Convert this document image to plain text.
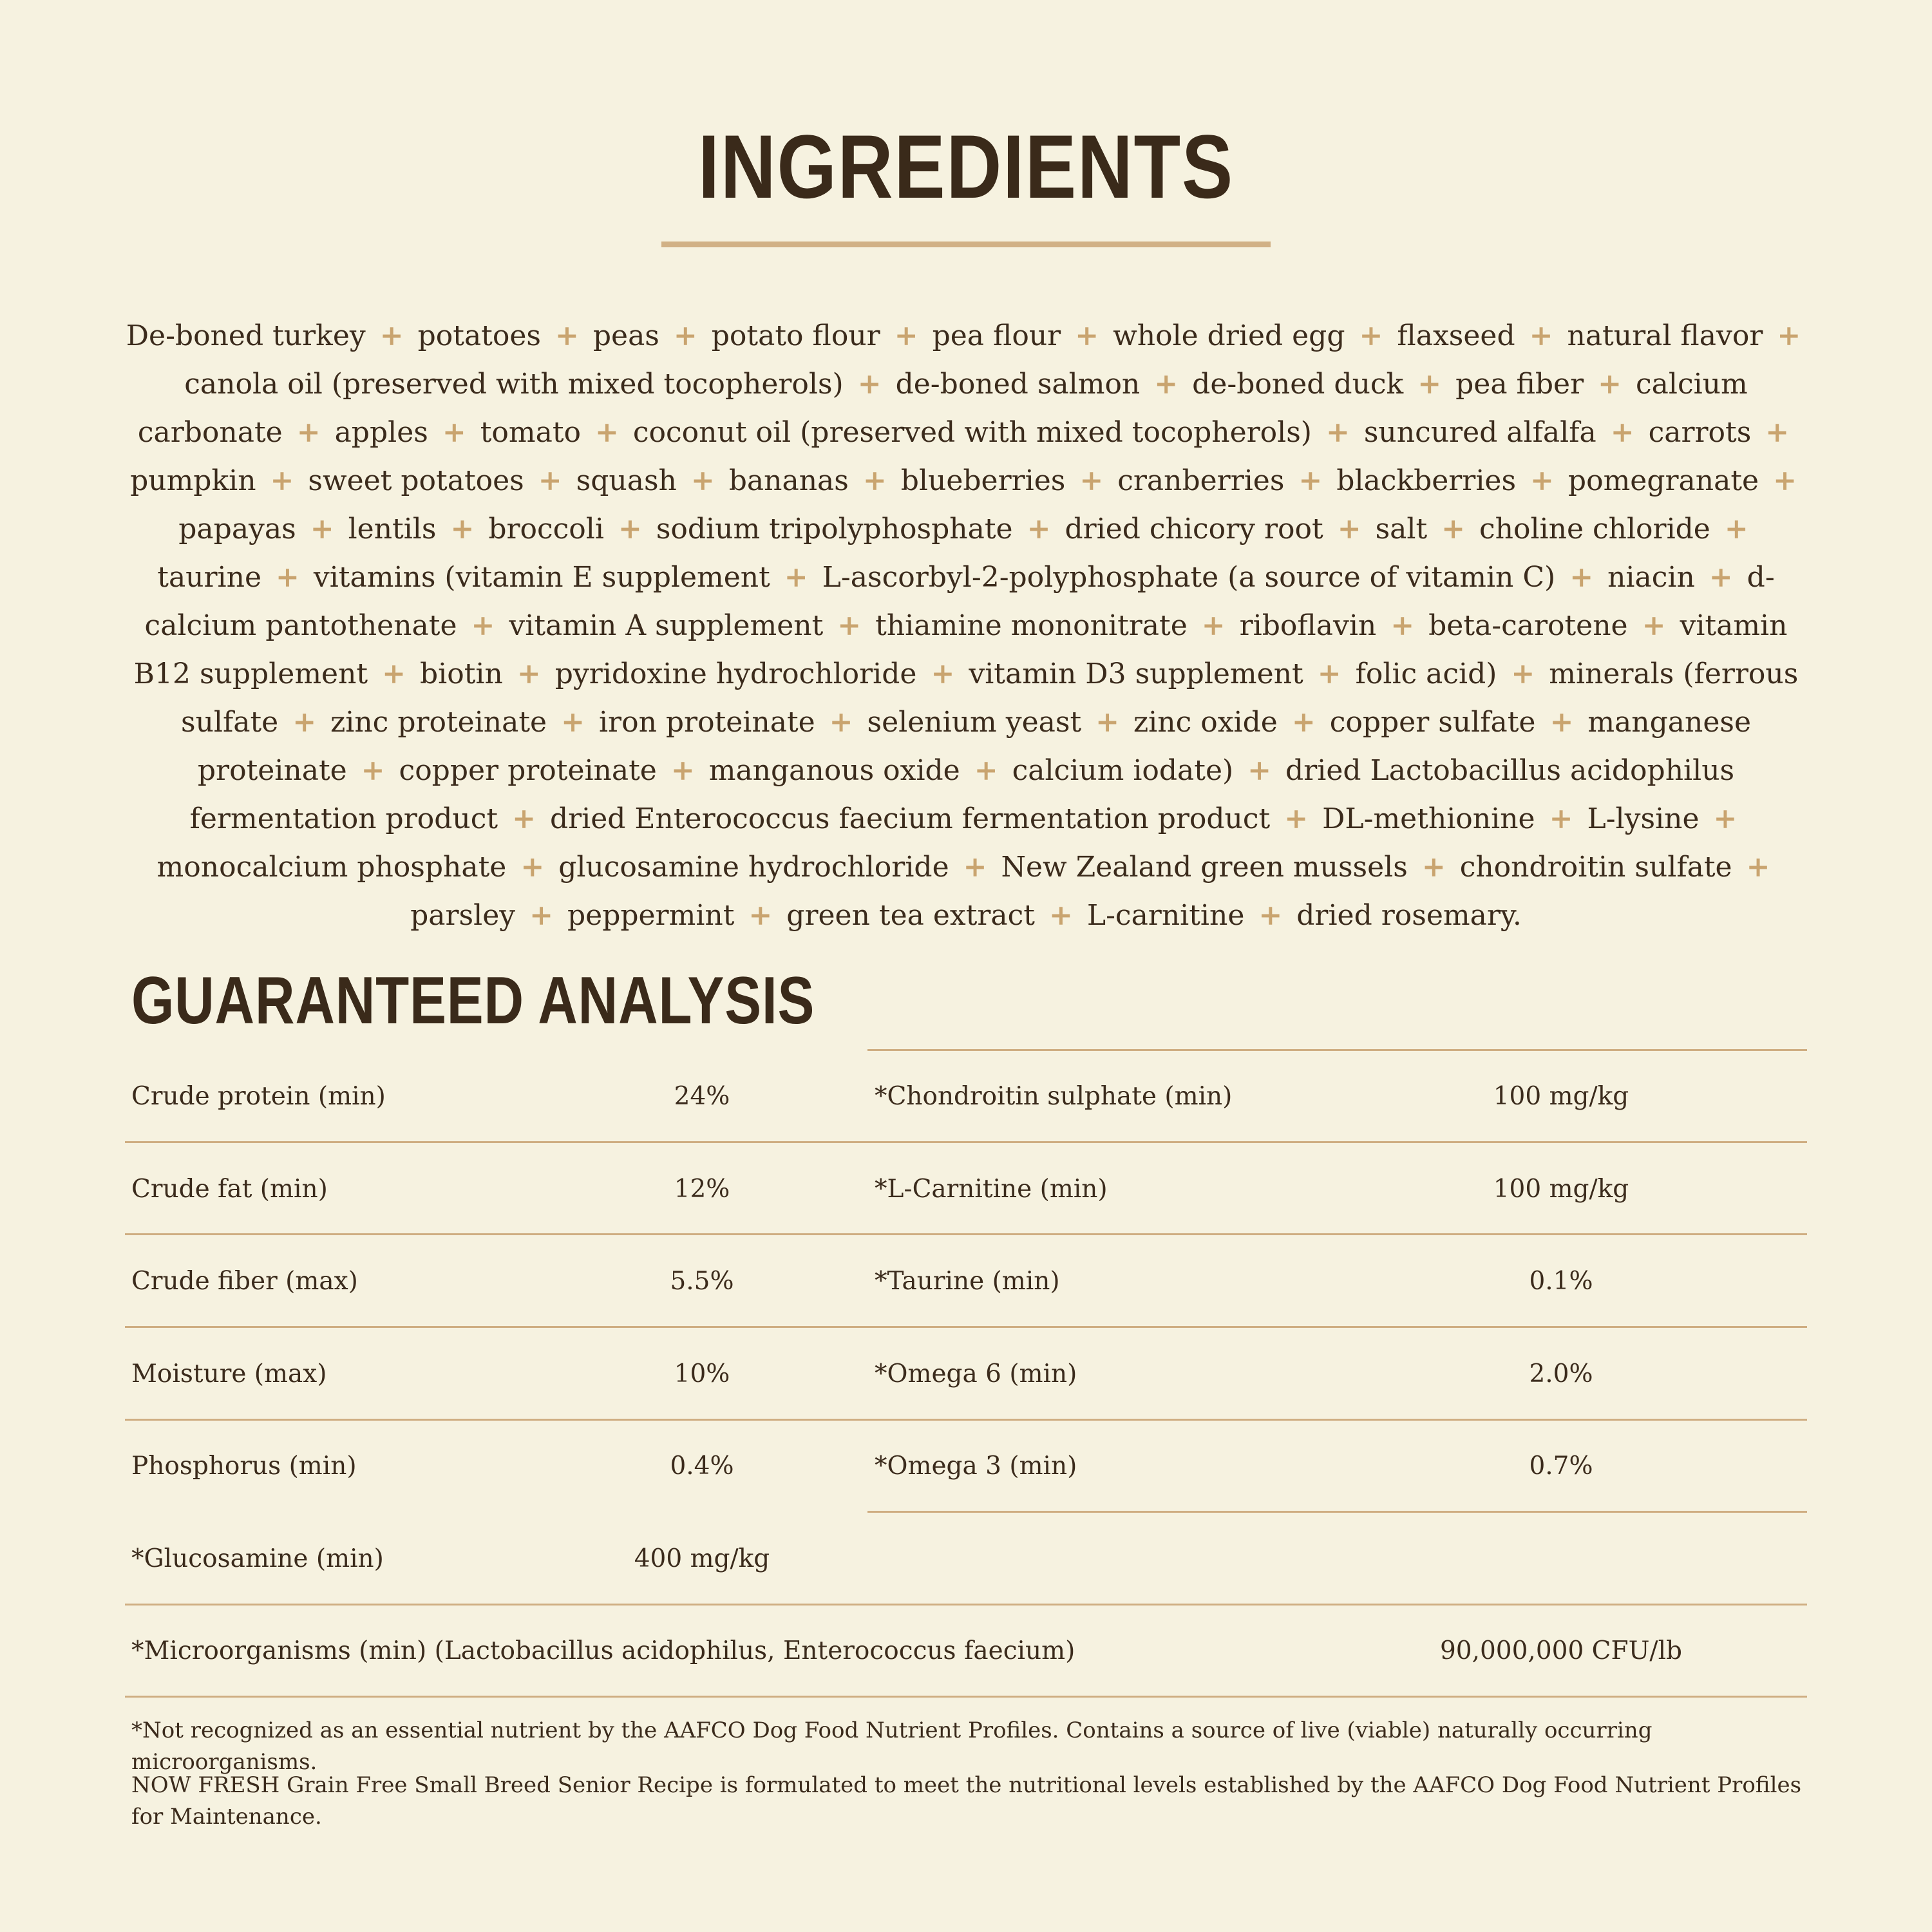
INGREDIENTS
De-boned turkey + potatoes + peas + potato flour + pea flour + whole dried egg + flaxseed + natural flavor + canola oil (preserved with mixed tocopherols) + de-boned salmon + de-boned duck + pea fiber + calcium carbonate + apples + tomato + coconut oil (preserved with mixed tocopherols) + suncured alfalfa + carrots + pumpkin + sweet potatoes + squash + bananas + blueberries + cranberries + blackberries + pomegranate + papayas + lentils + broccoli + sodium tripolyphosphate + dried chicory root + salt + choline chloride + taurine + vitamins (vitamin E supplement + L-ascorbyl-2-polyphosphate (a source of vitamin C) + niacin + d-calcium pantothenate + vitamin A supplement + thiamine mononitrate + riboflavin + beta-carotene + vitamin B12 supplement + biotin + pyridoxine hydrochloride + vitamin D3 supplement + folic acid) + minerals (ferrous sulfate + zinc proteinate + iron proteinate + selenium yeast + zinc oxide + copper sulfate + manganese proteinate + copper proteinate + manganous oxide + calcium iodate) + dried Lactobacillus acidophilus fermentation product + dried Enterococcus faecium fermentation product + DL-methionine + L-lysine + monocalcium phosphate + glucosamine hydrochloride + New Zealand green mussels + chondroitin sulfate + parsley + peppermint + green tea extract + L-carnitine + dried rosemary.
GUARANTEED ANALYSIS
Crude protein (min)	24%
Crude fat (min)	12%
Crude fiber (max)	5.5%
Moisture (max)	10%
Phosphorus (min)	0.4%
*Glucosamine (min)	400 mg/kg
*Chondroitin sulphate (min)	100 mg/kg
*L-Carnitine (min)	100 mg/kg
*Taurine (min)	0.1%
*Omega 6 (min)	2.0%
*Omega 3 (min)	0.7%
*Microorganisms (min) (Lactobacillus acidophilus, Enterococcus faecium)	90,000,000 CFU/lb
*Not recognized as an essential nutrient by the AAFCO Dog Food Nutrient Profiles. Contains a source of live (viable) naturally occurring microorganisms.
NOW FRESH Grain Free Small Breed Senior Recipe is formulated to meet the nutritional levels established by the AAFCO Dog Food Nutrient Profiles for Maintenance.
